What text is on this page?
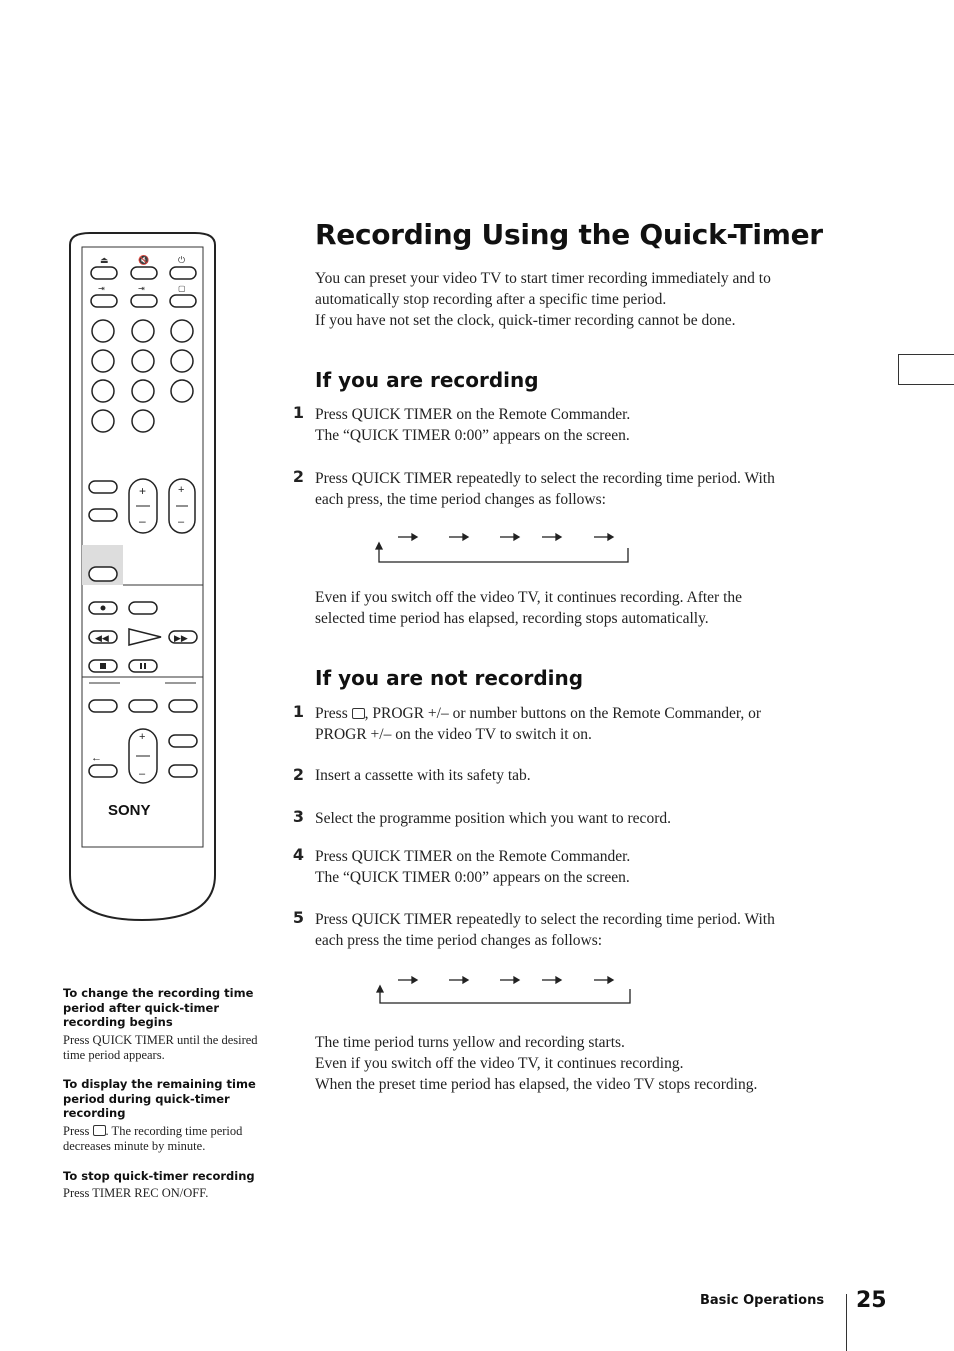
⏏	🔇	⏻
⇥	⇥	▢
+
–
+
–
◀◀	▶▶
+
–
←
SONY
Recording Using the Quick-Timer
You can preset your video TV to start timer recording immediately and to
automatically stop recording after a specific time period.
If you have not set the clock, quick-timer recording cannot be done.
If you are recording
1 Press QUICK TIMER on the Remote Commander.
The “QUICK TIMER 0:00” appears on the screen.
2 Press QUICK TIMER repeatedly to select the recording time period. With
each press, the time period changes as follows:
Even if you switch off the video TV, it continues recording. After the
selected time period has elapsed, recording stops automatically.
If you are not recording
1 Press , PROGR +/– or number buttons on the Remote Commander, or
PROGR +/– on the video TV to switch it on.
2 Insert a cassette with its safety tab.
3 Select the programme position which you want to record.
4 Press QUICK TIMER on the Remote Commander.
The “QUICK TIMER 0:00” appears on the screen.
5 Press QUICK TIMER repeatedly to select the recording time period. With
each press the time period changes as follows:
The time period turns yellow and recording starts.
Even if you switch off the video TV, it continues recording.
When the preset time period has elapsed, the video TV stops recording.
To change the recording time period after quick-timer recording begins
Press QUICK TIMER until the desired time period appears.
To display the remaining time period during quick-timer recording
Press . The recording time period decreases minute by minute.
To stop quick-timer recording
Press TIMER REC ON/OFF.
Basic Operations 25
